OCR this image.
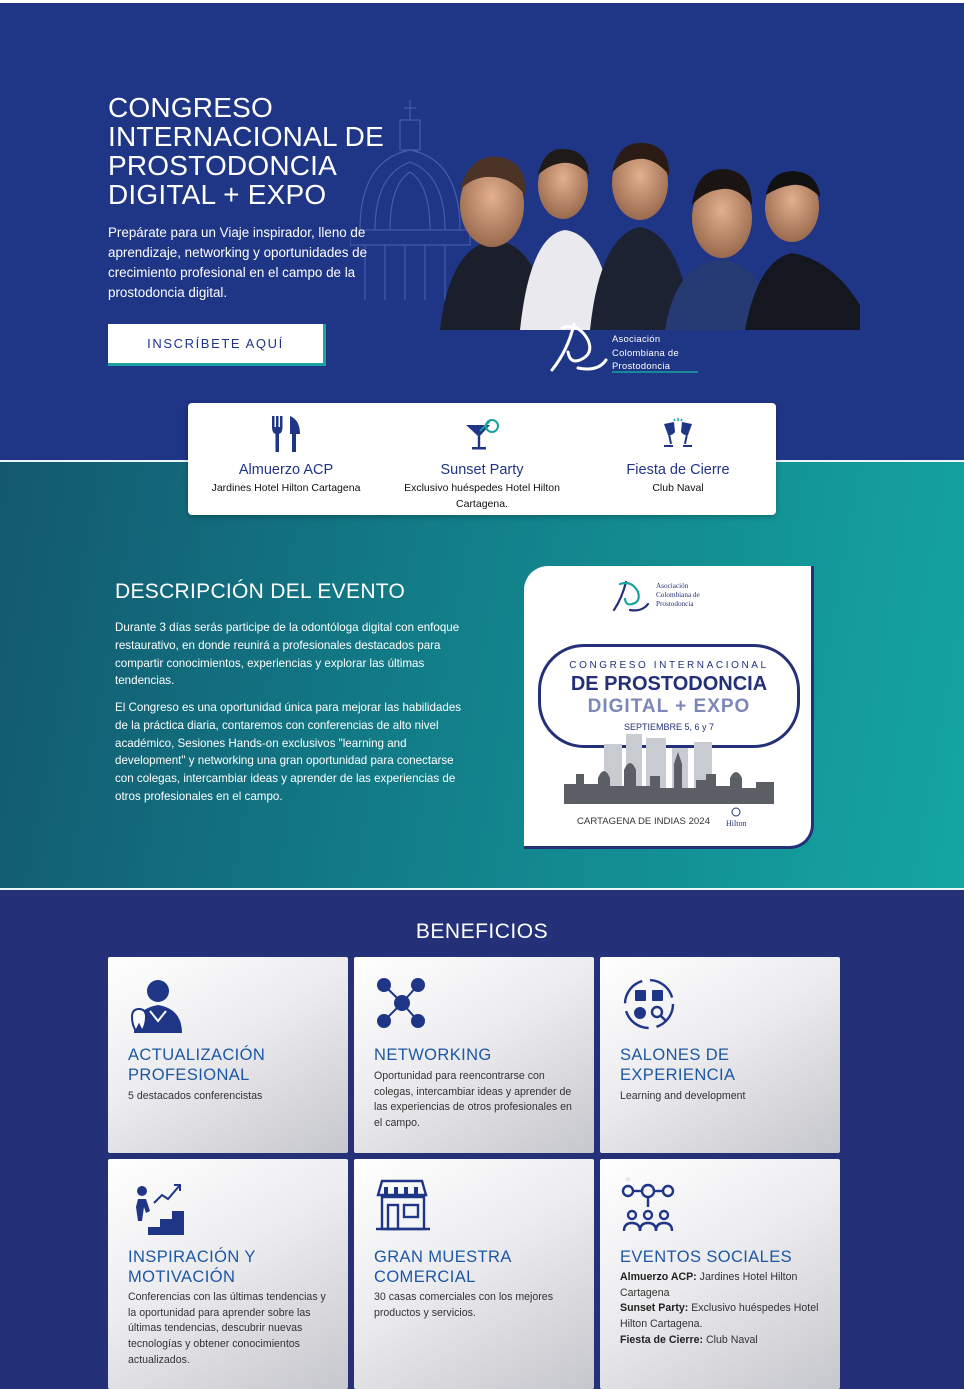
CONGRESO
INTERNACIONAL DE
PROSTODONCIA
DIGITAL + EXPO
Prepárate para un Viaje inspirador, lleno de aprendizaje, networking y oportunidades de crecimiento profesional en el campo de la prostodoncia digital.
INSCRÍBETE AQUÍ	Asociación
Colombiana de
Prostodoncia
Almuerzo ACP
Jardines Hotel Hilton Cartagena
Sunset Party
Exclusivo huéspedes Hotel Hilton Cartagena.
Fiesta de Cierre
Club Naval
DESCRIPCIÓN DEL EVENTO
Durante 3 días serás participe de la odontóloga digital con enfoque restaurativo, en donde reunirá a profesionales destacados para compartir conocimientos, experiencias y explorar las últimas tendencias.
El Congreso es una oportunidad única para mejorar las habilidades de la práctica diaria, contaremos con conferencias de alto nivel académico, Sesiones Hands-on exclusivos "learning and development" y networking una gran oportunidad para conectarse con colegas, intercambiar ideas y aprender de las experiencias de otros profesionales en el campo.
Asociación
Colombiana de
Prostodoncia
CONGRESO INTERNACIONAL
DE PROSTODONCIA
DIGITAL + EXPO
SEPTIEMBRE 5, 6 y 7
CARTAGENA DE INDIAS 2024 Hilton
BENEFICIOS
ACTUALIZACIÓN
PROFESIONAL
5 destacados conferencistas
NETWORKING
Oportunidad para reencontrarse con colegas, intercambiar ideas y aprender de las experiencias de otros profesionales en el campo.
SALONES DE
EXPERIENCIA
Learning and development
INSPIRACIÓN Y
MOTIVACIÓN
Conferencias con las últimas tendencias y la oportunidad para aprender sobre las últimas tendencias, descubrir nuevas tecnologías y obtener conocimientos actualizados.
GRAN MUESTRA
COMERCIAL
30 casas comerciales con los mejores productos y servicios.
EVENTOS SOCIALES
Almuerzo ACP: Jardines Hotel Hilton Cartagena
Sunset Party: Exclusivo huéspedes Hotel Hilton Cartagena.
Fiesta de Cierre: Club Naval
